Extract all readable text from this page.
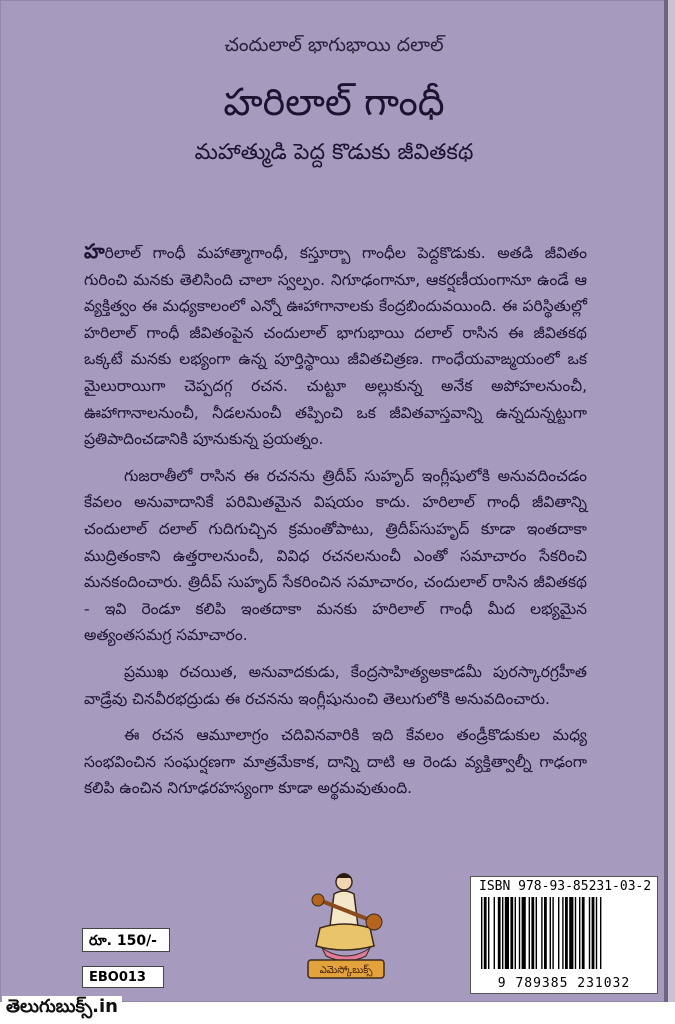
చందులాల్ భాగుభాయి దలాల్
హరిలాల్ గాంధీ
మహాత్ముడి పెద్ద కొడుకు జీవితకథ

హరిలాల్ గాంధీ మహాత్మాగాంధీ, కస్తూర్బా గాంధీల పెద్దకొడుకు. అతడి జీవితం గురించి మనకు తెలిసింది చాలా స్వల్పం. నిగూఢంగానూ, ఆకర్షణీయంగానూ ఉండే ఆ వ్యక్తిత్వం ఈ మధ్యకాలంలో ఎన్నో ఊహాగానాలకు కేంద్రబిందువయింది. ఈ పరిస్థితుల్లో హరిలాల్ గాంధీ జీవితంపైన చందులాల్ భాగుభాయి దలాల్ రాసిన ఈ జీవితకథ ఒక్కటే మనకు లభ్యంగా ఉన్న పూర్తిస్థాయి జీవితచిత్రణ. గాంధేయవాఙ్మయంలో ఒక మైలురాయిగా చెప్పదగ్గ రచన. చుట్టూ అల్లుకున్న అనేక అపోహలనుంచీ, ఊహాగానాలనుంచీ, నీడలనుంచీ తప్పించి ఒక జీవితవాస్తవాన్ని ఉన్నదున్నట్టుగా ప్రతిపాదించడానికి పూనుకున్న ప్రయత్నం.

గుజరాతీలో రాసిన ఈ రచనను త్రిదీప్ సుహృద్ ఇంగ్లీషులోకి అనువదించడం కేవలం అనువాదానికే పరిమితమైన విషయం కాదు. హరిలాల్ గాంధీ జీవితాన్ని చందులాల్ దలాల్ గుదిగుచ్చిన క్రమంతోపాటు, త్రిదీప్‌సుహృద్ కూడా ఇంతదాకా ముద్రితంకాని ఉత్తరాలనుంచీ, వివిధ రచనలనుంచీ ఎంతో సమాచారం సేకరించి మనకందించారు. త్రిదీప్ సుహృద్ సేకరించిన సమాచారం, చందులాల్ రాసిన జీవితకథ - ఇవి రెండూ కలిపి ఇంతదాకా మనకు హరిలాల్ గాంధీ మీద లభ్యమైన అత్యంతసమగ్ర సమాచారం.

ప్రముఖ రచయిత, అనువాదకుడు, కేంద్రసాహిత్యఅకాడమీ పురస్కారగ్రహీత వాడ్రేవు చినవీరభద్రుడు ఈ రచనను ఇంగ్లీషునుంచి తెలుగులోకి అనువదించారు.

ఈ రచన ఆమూలాగ్రం చదివినవారికి ఇది కేవలం తండ్రీకొడుకుల మధ్య సంభవించిన సంఘర్షణగా మాత్రమేకాక, దాన్ని దాటి ఆ రెండు వ్యక్తిత్వాల్నీ గాఢంగా కలిపి ఉంచిన నిగూఢరహస్యంగా కూడా అర్థమవుతుంది.

ఎమెస్కోబుక్స్
రూ. 150/-
EBO013
ISBN 978-93-85231-03-2
9 789385 231032
తెలుగుబుక్స్.in
